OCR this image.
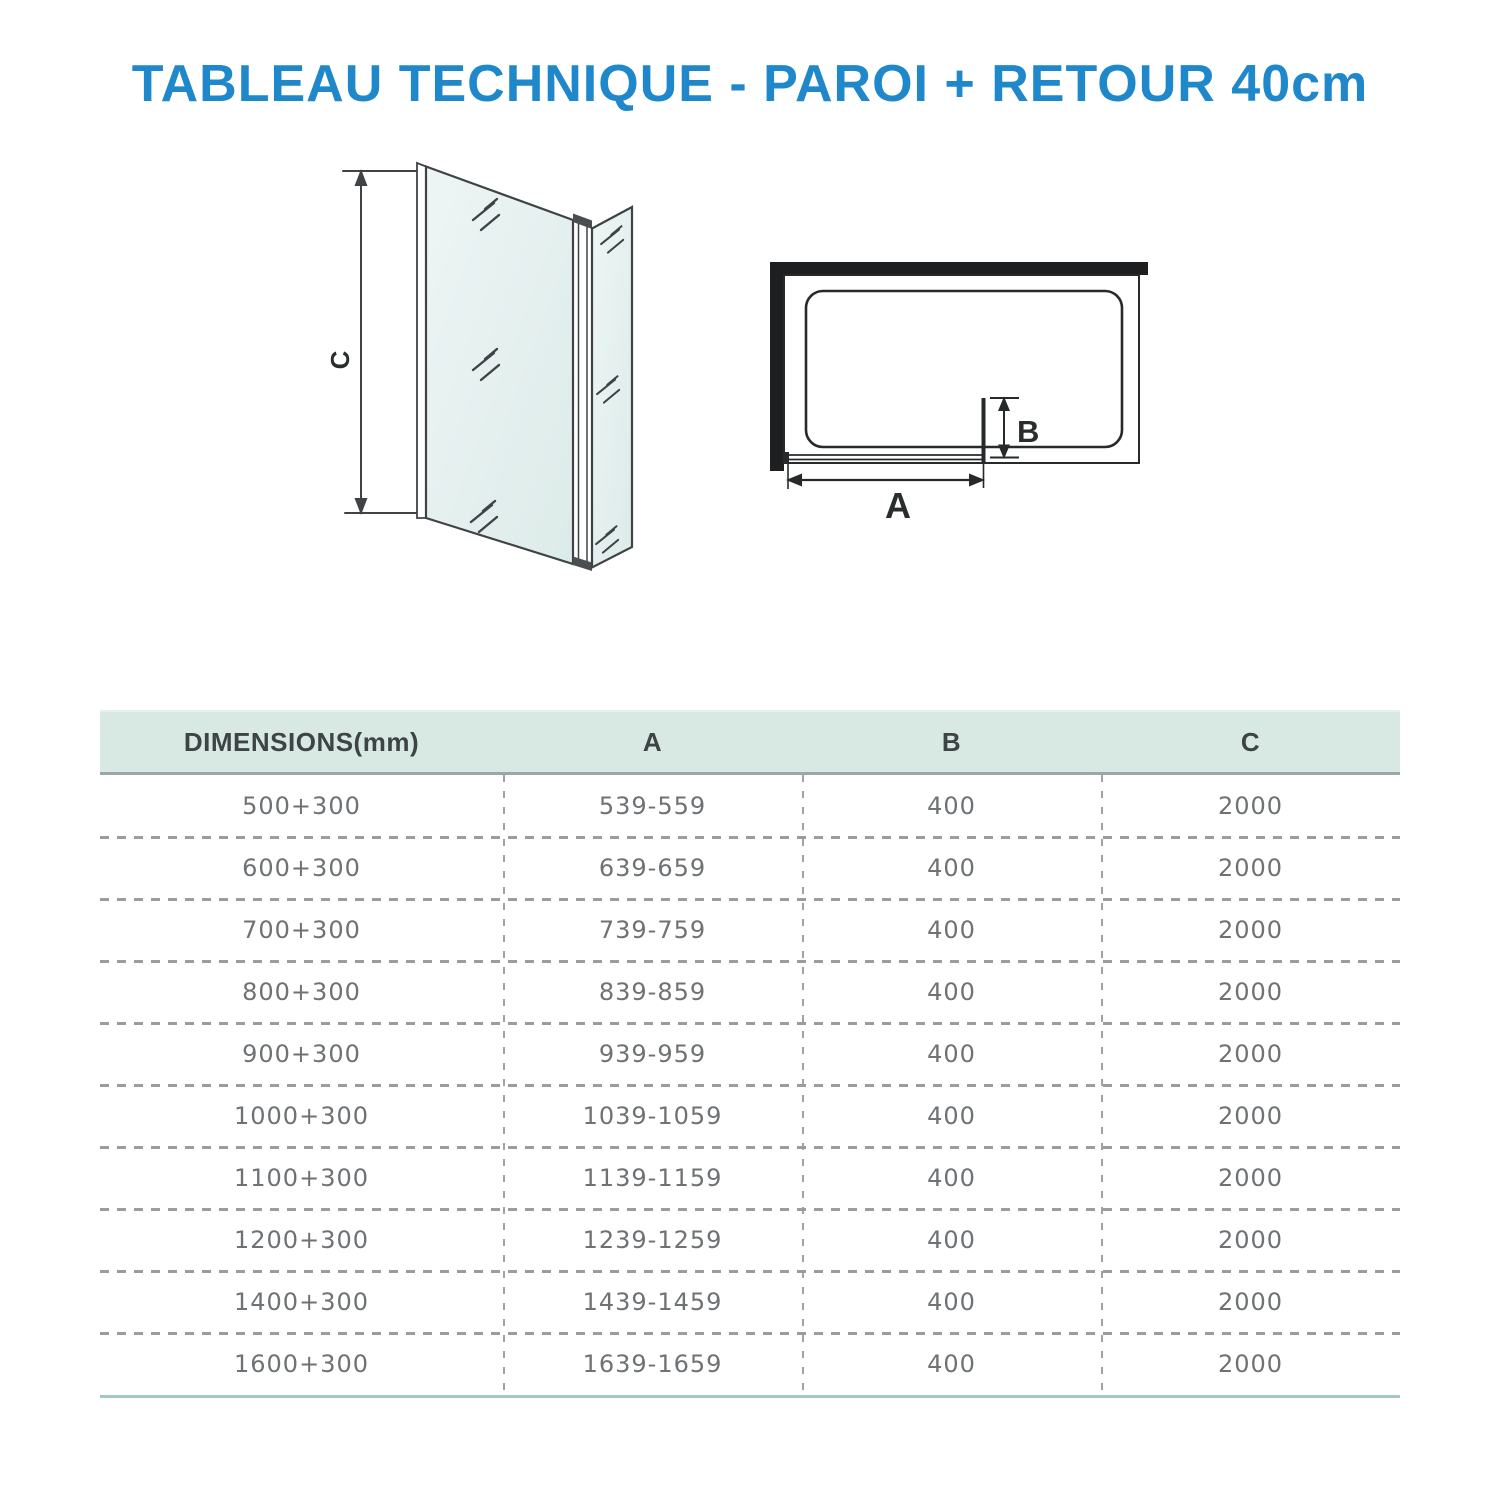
TABLEAU TECHNIQUE - PAROI + RETOUR 40cm
C
B
A
DIMENSIONS(mm)	A	B	C
500+300	539-559	400	2000
600+300	639-659	400	2000
700+300	739-759	400	2000
800+300	839-859	400	2000
900+300	939-959	400	2000
1000+300	1039-1059	400	2000
1100+300	1139-1159	400	2000
1200+300	1239-1259	400	2000
1400+300	1439-1459	400	2000
1600+300	1639-1659	400	2000
